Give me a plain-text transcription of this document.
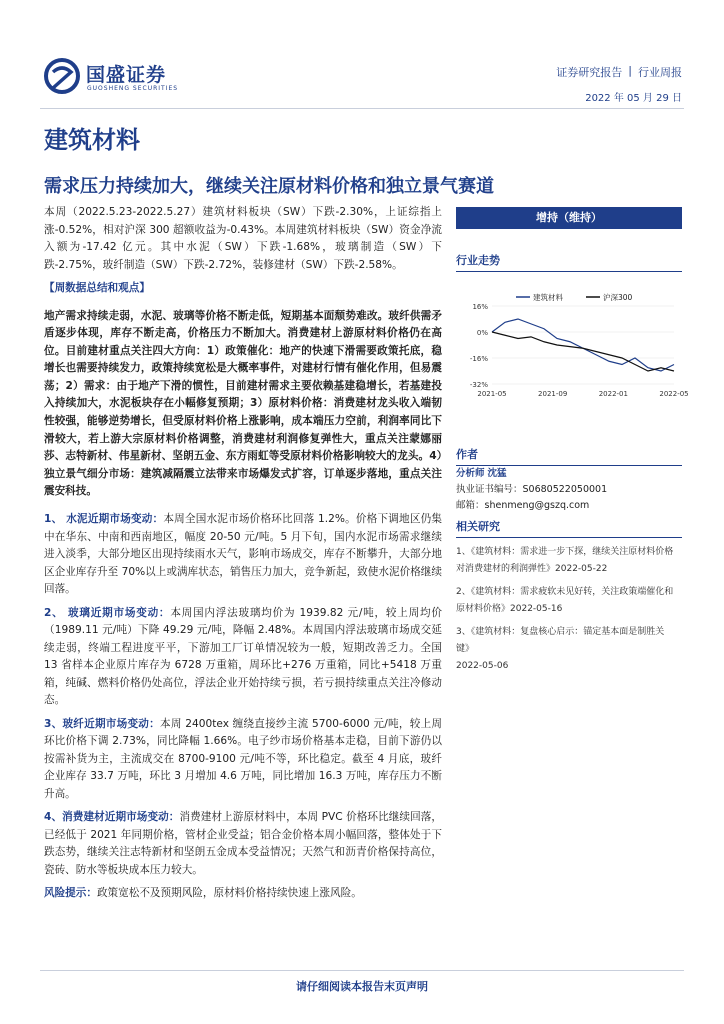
国盛证券
GUOSHENG SECURITIES
证券研究报告 | 行业周报
2022 年 05 月 29 日
建筑材料
需求压力持续加大，继续关注原材料价格和独立景气赛道

本周（2022.5.23-2022.5.27）建筑材料板块（SW）下跌-2.30%，上证综指上涨-0.52%，相对沪深 300 超额收益为-0.43%。本周建筑材料板块（SW）资金净流入额为-17.42 亿元。其中水泥（SW）下跌-1.68%，玻璃制造（SW）下跌-2.75%，玻纤制造（SW）下跌-2.72%，装修建材（SW）下跌-2.58%。

【周数据总结和观点】
地产需求持续走弱，水泥、玻璃等价格不断走低，短期基本面颓势难改。玻纤供需矛盾逐步体现，库存不断走高，价格压力不断加大。消费建材上游原材料价格仍在高位。目前建材重点关注四大方向：1）政策催化：地产的快速下滑需要政策托底，稳增长也需要持续发力，政策持续宽松是大概率事件，对建材行情有催化作用，但易震荡；2）需求：由于地产下滑的惯性，目前建材需求主要依赖基建稳增长，若基建投入持续加大，水泥板块存在小幅修复预期；3）原材料价格：消费建材龙头收入端韧性较强，能够逆势增长，但受原材料价格上涨影响，成本端压力空前，利润率同比下滑较大，若上游大宗原材料价格调整，消费建材利润修复弹性大，重点关注蒙娜丽莎、志特新材、伟星新材、坚朗五金、东方雨虹等受原材料价格影响较大的龙头。4）独立景气细分市场：建筑减隔震立法带来市场爆发式扩容，订单逐步落地，重点关注震安科技。

1、 水泥近期市场变动：本周全国水泥市场价格环比回落 1.2%。价格下调地区仍集中在华东、中南和西南地区，幅度 20-50 元/吨。5 月下旬，国内水泥市场需求继续进入淡季，大部分地区出现持续雨水天气，影响市场成交，库存不断攀升，大部分地区企业库存升至 70%以上或满库状态，销售压力加大，竞争新起，致使水泥价格继续回落。

2、 玻璃近期市场变动：本周国内浮法玻璃均价为 1939.82 元/吨，较上周均价（1989.11 元/吨）下降 49.29 元/吨，降幅 2.48%。本周国内浮法玻璃市场成交延续走弱，终端工程进度平平，下游加工厂订单情况较为一般，短期改善乏力。全国 13 省样本企业原片库存为 6728 万重箱，周环比+276 万重箱，同比+5418 万重箱，纯碱、燃料价格仍处高位，浮法企业开始持续亏损，若亏损持续重点关注冷修动态。

3、玻纤近期市场变动：本周 2400tex 缠绕直接纱主流 5700-6000 元/吨，较上周环比价格下调 2.73%，同比降幅 1.66%。电子纱市场价格基本走稳，目前下游仍以按需补货为主，主流成交在 8700-9100 元/吨不等，环比稳定。截至 4 月底，玻纤企业库存 33.7 万吨，环比 3 月增加 4.6 万吨，同比增加 16.3 万吨，库存压力不断升高。

4、消费建材近期市场变动：消费建材上游原材料中，本周 PVC 价格环比继续回落，已经低于 2021 年同期价格，管材企业受益；铝合金价格本周小幅回落，整体处于下跌态势，继续关注志特新材和坚朗五金成本受益情况；天然气和沥青价格保持高位，瓷砖、防水等板块成本压力较大。

风险提示：政策宽松不及预期风险，原材料价格持续快速上涨风险。

增持（维持）
行业走势
16%
0%
-16%
-32%
2021-05	2021-09	2022-01	2022-05
建筑材料	沪深300
作者
分析师 沈猛
执业证书编号：S0680522050001
邮箱：shenmeng@gszq.com
相关研究
1、《建筑材料：需求进一步下探，继续关注原材料价格对消费建材的利润弹性》2022-05-22
2、《建筑材料：需求疲软未见好转，关注政策端催化和原材料价格》2022-05-16
3、《建筑材料：复盘核心启示：锚定基本面是制胜关键》
2022-05-06
请仔细阅读本报告末页声明
